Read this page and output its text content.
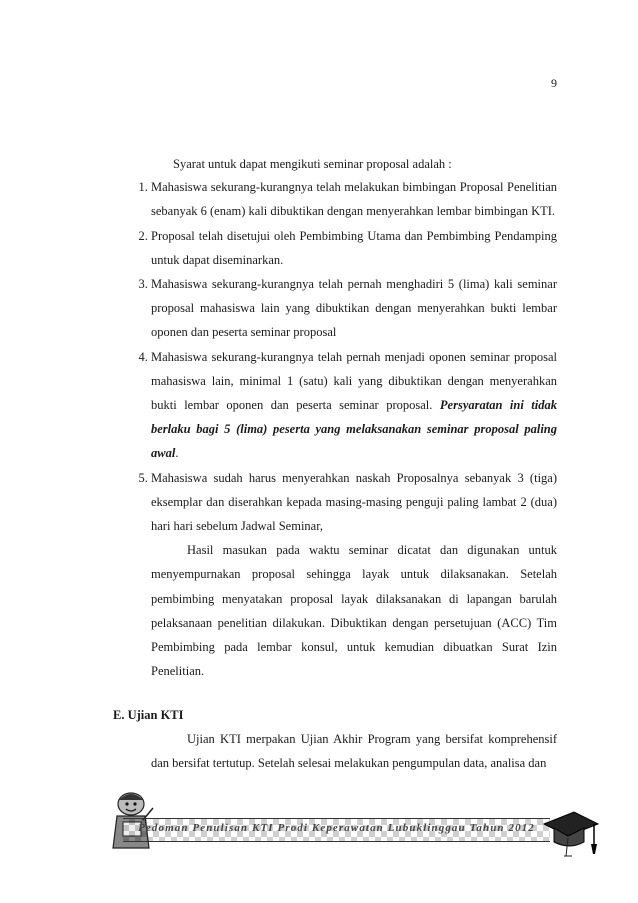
9

Syarat untuk dapat mengikuti seminar proposal adalah :

1. Mahasiswa sekurang-kurangnya telah melakukan bimbingan Proposal Penelitian sebanyak 6 (enam) kali dibuktikan dengan menyerahkan lembar bimbingan KTI.
2. Proposal telah disetujui oleh Pembimbing Utama dan Pembimbing Pendamping untuk dapat diseminarkan.
3. Mahasiswa sekurang-kurangnya telah pernah menghadiri 5 (lima) kali seminar proposal mahasiswa lain yang dibuktikan dengan menyerahkan bukti lembar oponen dan peserta seminar proposal
4. Mahasiswa sekurang-kurangnya telah pernah menjadi oponen seminar proposal mahasiswa lain, minimal 1 (satu) kali yang dibuktikan dengan menyerahkan bukti lembar oponen dan peserta seminar proposal. Persyaratan ini tidak berlaku bagi 5 (lima) peserta yang melaksanakan seminar proposal paling awal.
5. Mahasiswa sudah harus menyerahkan naskah Proposalnya sebanyak 3 (tiga) eksemplar dan diserahkan kepada masing-masing penguji paling lambat 2 (dua) hari hari sebelum Jadwal Seminar,

Hasil masukan pada waktu seminar dicatat dan digunakan untuk menyempurnakan proposal sehingga layak untuk dilaksanakan. Setelah pembimbing menyatakan proposal layak dilaksanakan di lapangan barulah pelaksanaan penelitian dilakukan. Dibuktikan dengan persetujuan (ACC) Tim Pembimbing pada lembar konsul, untuk kemudian dibuatkan Surat Izin Penelitian.

E. Ujian KTI
Ujian KTI merpakan Ujian Akhir Program yang bersifat komprehensif dan bersifat tertutup. Setelah selesai melakukan pengumpulan data, analisa dan
Pedoman Penulisan KTI Prodi Keperawatan Lubuklinggau Tahun 2012
